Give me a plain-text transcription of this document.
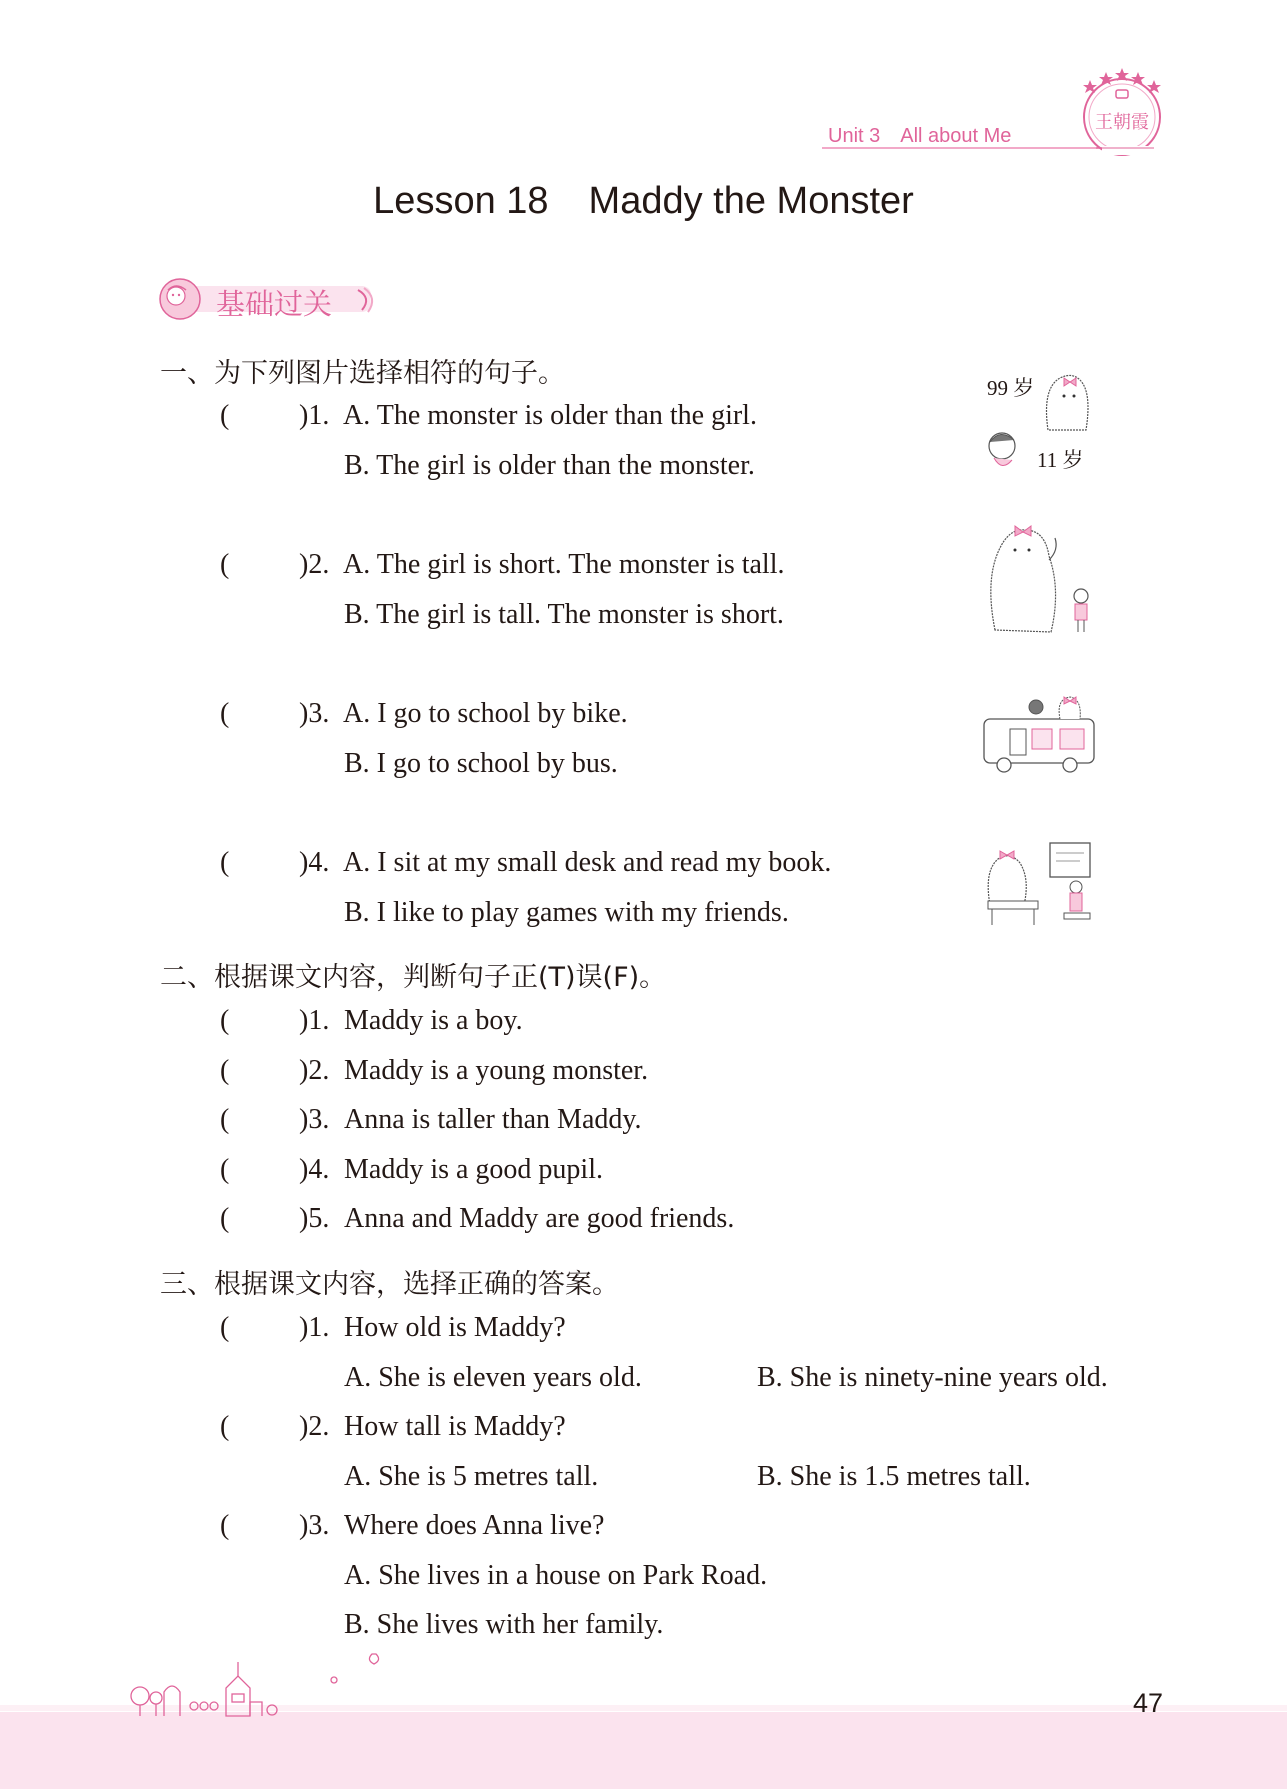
Unit 3 All about Me
王朝霞
Lesson 18 Maddy the Monster
基础过关
一、为下列图片选择相符的句子。
( )1. A. The monster is older than the girl.
B. The girl is older than the monster.
( )2. A. The girl is short. The monster is tall.
B. The girl is tall. The monster is short.
( )3. A. I go to school by bike.
B. I go to school by bus.
( )4. A. I sit at my small desk and read my book.
B. I like to play games with my friends.
99 岁
11 岁
二、根据课文内容，判断句子正(T)误(F)。
( )1. Maddy is a boy.
( )2. Maddy is a young monster.
( )3. Anna is taller than Maddy.
( )4. Maddy is a good pupil.
( )5. Anna and Maddy are good friends.
三、根据课文内容，选择正确的答案。
( )1. How old is Maddy?
A. She is eleven years old.	B. She is ninety-nine years old.
( )2. How tall is Maddy?
A. She is 5 metres tall.	B. She is 1.5 metres tall.
( )3. Where does Anna live?
A. She lives in a house on Park Road.
B. She lives with her family.
47
